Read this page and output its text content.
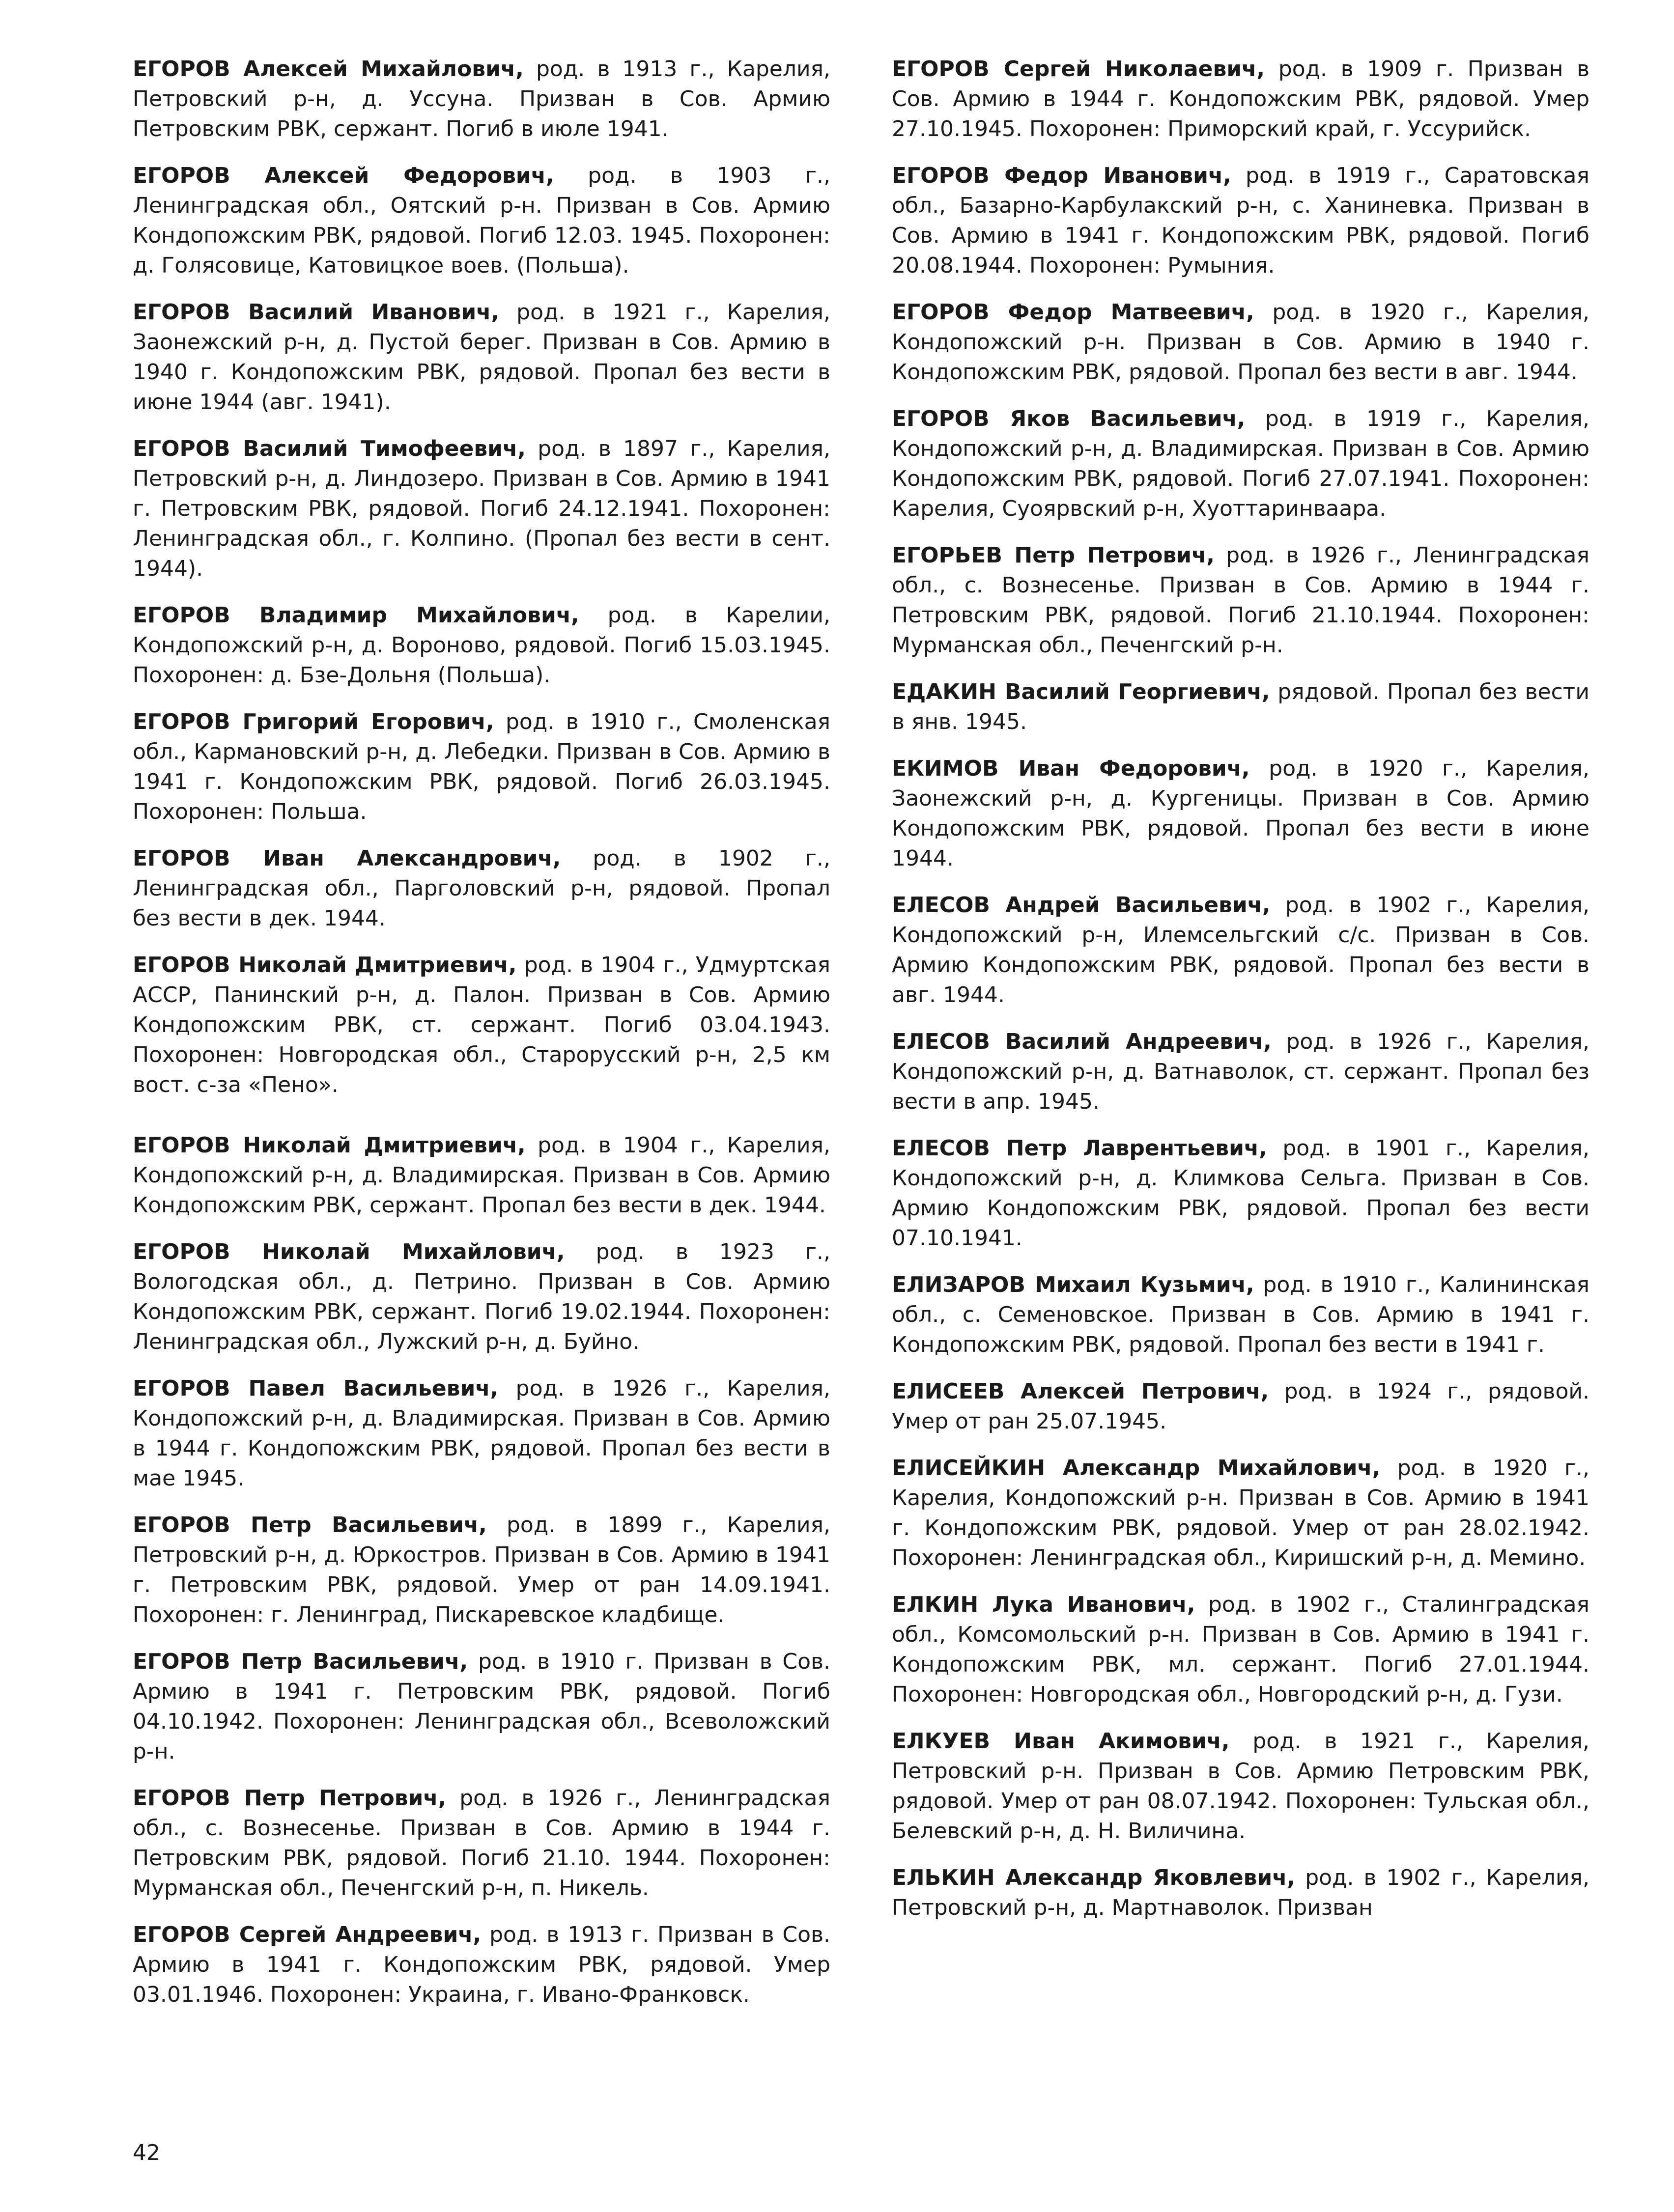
ЕГОРОВ Алексей Михайлович, род. в 1913 г., Карелия, Петровский р-н, д. Уссуна. Призван в Сов. Армию Петровским РВК, сержант. Погиб в июле 1941.

ЕГОРОВ Алексей Федорович, род. в 1903 г., Ленинградская обл., Оятский р-н. Призван в Сов. Армию Кондопожским РВК, рядовой. Погиб 12.03. 1945. Похоронен: д. Голясовице, Катовицкое воев. (Польша).

ЕГОРОВ Василий Иванович, род. в 1921 г., Карелия, Заонежский р-н, д. Пустой берег. Призван в Сов. Армию в 1940 г. Кондопожским РВК, рядовой. Пропал без вести в июне 1944 (авг. 1941).

ЕГОРОВ Василий Тимофеевич, род. в 1897 г., Карелия, Петровский р-н, д. Линдозеро. Призван в Сов. Армию в 1941 г. Петровским РВК, рядовой. Погиб 24.12.1941. Похоронен: Ленинградская обл., г. Колпино. (Пропал без вести в сент. 1944).

ЕГОРОВ Владимир Михайлович, род. в Карелии, Кондопожский р-н, д. Вороново, рядовой. Погиб 15.03.1945. Похоронен: д. Бзе-Дольня (Польша).

ЕГОРОВ Григорий Егорович, род. в 1910 г., Смоленская обл., Кармановский р-н, д. Лебедки. Призван в Сов. Армию в 1941 г. Кондопожским РВК, рядовой. Погиб 26.03.1945. Похоронен: Польша.

ЕГОРОВ Иван Александрович, род. в 1902 г., Ленинградская обл., Парголовский р-н, рядовой. Пропал без вести в дек. 1944.

ЕГОРОВ Николай Дмитриевич, род. в 1904 г., Удмуртская АССР, Панинский р-н, д. Палон. Призван в Сов. Армию Кондопожским РВК, ст. сержант. Погиб 03.04.1943. Похоронен: Новгородская обл., Старорусский р-н, 2,5 км вост. с-за «Пено».

ЕГОРОВ Николай Дмитриевич, род. в 1904 г., Карелия, Кондопожский р-н, д. Владимирская. Призван в Сов. Армию Кондопожским РВК, сержант. Пропал без вести в дек. 1944.

ЕГОРОВ Николай Михайлович, род. в 1923 г., Вологодская обл., д. Петрино. Призван в Сов. Армию Кондопожским РВК, сержант. Погиб 19.02.1944. Похоронен: Ленинградская обл., Лужский р-н, д. Буйно.

ЕГОРОВ Павел Васильевич, род. в 1926 г., Карелия, Кондопожский р-н, д. Владимирская. Призван в Сов. Армию в 1944 г. Кондопожским РВК, рядовой. Пропал без вести в мае 1945.

ЕГОРОВ Петр Васильевич, род. в 1899 г., Карелия, Петровский р-н, д. Юркостров. Призван в Сов. Армию в 1941 г. Петровским РВК, рядовой. Умер от ран 14.09.1941. Похоронен: г. Ленинград, Пискаревское кладбище.

ЕГОРОВ Петр Васильевич, род. в 1910 г. Призван в Сов. Армию в 1941 г. Петровским РВК, рядовой. Погиб 04.10.1942. Похоронен: Ленинградская обл., Всеволожский р-н.

ЕГОРОВ Петр Петрович, род. в 1926 г., Ленинградская обл., с. Вознесенье. Призван в Сов. Армию в 1944 г. Петровским РВК, рядовой. Погиб 21.10. 1944. Похоронен: Мурманская обл., Печенгский р-н, п. Никель.

ЕГОРОВ Сергей Андреевич, род. в 1913 г. Призван в Сов. Армию в 1941 г. Кондопожским РВК, рядовой. Умер 03.01.1946. Похоронен: Украина, г. Ивано-Франковск.

ЕГОРОВ Сергей Николаевич, род. в 1909 г. Призван в Сов. Армию в 1944 г. Кондопожским РВК, рядовой. Умер 27.10.1945. Похоронен: Приморский край, г. Уссурийск.

ЕГОРОВ Федор Иванович, род. в 1919 г., Саратовская обл., Базарно-Карбулакский р-н, с. Ханиневка. Призван в Сов. Армию в 1941 г. Кондопожским РВК, рядовой. Погиб 20.08.1944. Похоронен: Румыния.

ЕГОРОВ Федор Матвеевич, род. в 1920 г., Карелия, Кондопожский р-н. Призван в Сов. Армию в 1940 г. Кондопожским РВК, рядовой. Пропал без вести в авг. 1944.

ЕГОРОВ Яков Васильевич, род. в 1919 г., Карелия, Кондопожский р-н, д. Владимирская. Призван в Сов. Армию Кондопожским РВК, рядовой. Погиб 27.07.1941. Похоронен: Карелия, Суоярвский р-н, Хуоттаринваара.

ЕГОРЬЕВ Петр Петрович, род. в 1926 г., Ленинградская обл., с. Вознесенье. Призван в Сов. Армию в 1944 г. Петровским РВК, рядовой. Погиб 21.10.1944. Похоронен: Мурманская обл., Печенгский р-н.

ЕДАКИН Василий Георгиевич, рядовой. Пропал без вести в янв. 1945.

ЕКИМОВ Иван Федорович, род. в 1920 г., Карелия, Заонежский р-н, д. Кургеницы. Призван в Сов. Армию Кондопожским РВК, рядовой. Пропал без вести в июне 1944.

ЕЛЕСОВ Андрей Васильевич, род. в 1902 г., Карелия, Кондопожский р-н, Илемсельгский с/с. Призван в Сов. Армию Кондопожским РВК, рядовой. Пропал без вести в авг. 1944.

ЕЛЕСОВ Василий Андреевич, род. в 1926 г., Карелия, Кондопожский р-н, д. Ватнаволок, ст. сержант. Пропал без вести в апр. 1945.

ЕЛЕСОВ Петр Лаврентьевич, род. в 1901 г., Карелия, Кондопожский р-н, д. Климкова Сельга. Призван в Сов. Армию Кондопожским РВК, рядовой. Пропал без вести 07.10.1941.

ЕЛИЗАРОВ Михаил Кузьмич, род. в 1910 г., Калининская обл., с. Семеновское. Призван в Сов. Армию в 1941 г. Кондопожским РВК, рядовой. Пропал без вести в 1941 г.

ЕЛИСЕЕВ Алексей Петрович, род. в 1924 г., рядовой. Умер от ран 25.07.1945.

ЕЛИСЕЙКИН Александр Михайлович, род. в 1920 г., Карелия, Кондопожский р-н. Призван в Сов. Армию в 1941 г. Кондопожским РВК, рядовой. Умер от ран 28.02.1942. Похоронен: Ленинградская обл., Киришский р-н, д. Мемино.

ЕЛКИН Лука Иванович, род. в 1902 г., Сталинградская обл., Комсомольский р-н. Призван в Сов. Армию в 1941 г. Кондопожским РВК, мл. сержант. Погиб 27.01.1944. Похоронен: Новгородская обл., Новгородский р-н, д. Гузи.

ЕЛКУЕВ Иван Акимович, род. в 1921 г., Карелия, Петровский р-н. Призван в Сов. Армию Петровским РВК, рядовой. Умер от ран 08.07.1942. Похоронен: Тульская обл., Белевский р-н, д. Н. Виличина.

ЕЛЬКИН Александр Яковлевич, род. в 1902 г., Карелия, Петровский р-н, д. Мартнаволок. Призван

42
